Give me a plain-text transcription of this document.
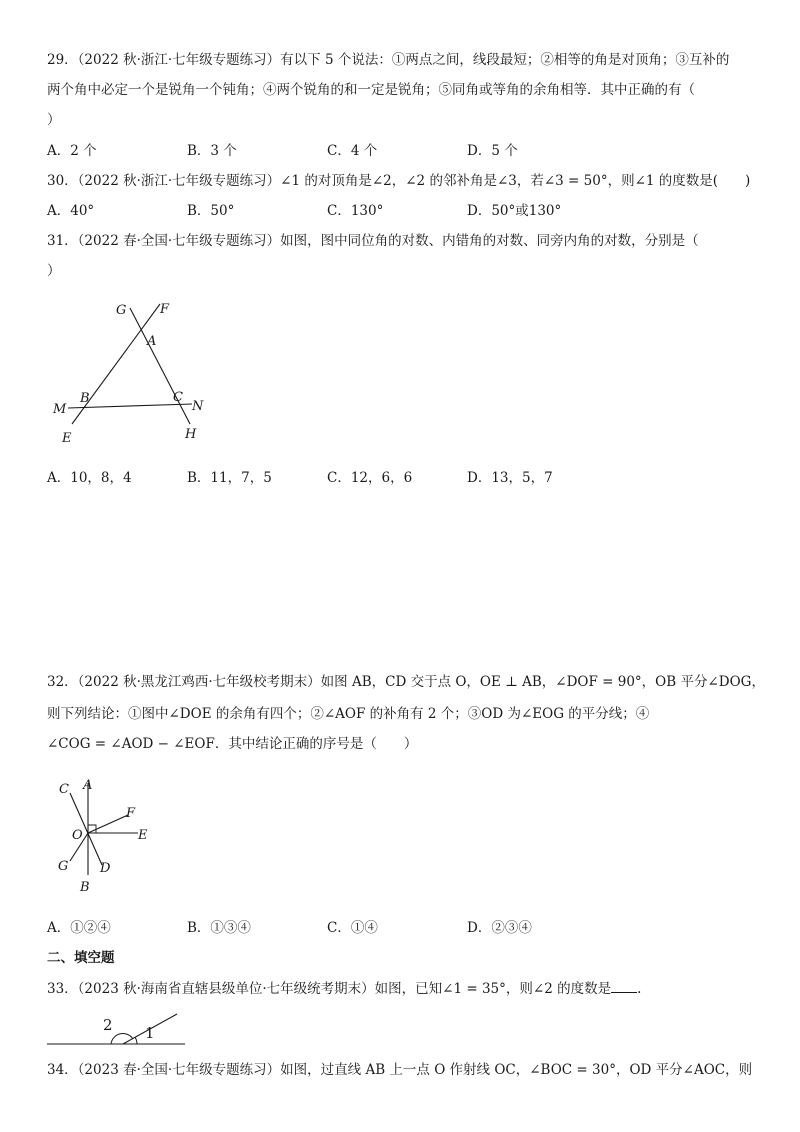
29．（2022 秋·浙江·七年级专题练习）有以下 5 个说法：①两点之间，线段最短；②相等的角是对顶角；③互补的
两个角中必定一个是锐角一个钝角；④两个锐角的和一定是锐角；⑤同角或等角的余角相等．其中正确的有（
）
A．2 个	B．3 个	C．4 个	D．5 个
30．（2022 秋·浙江·七年级专题练习）∠1 的对顶角是∠2，∠2 的邻补角是∠3，若∠3 = 50°，则∠1 的度数是(　　)
A．40°	B．50°	C．130°	D．50°或130°
31．（2022 春·全国·七年级专题练习）如图，图中同位角的对数、内错角的对数、同旁内角的对数，分别是（
）
G	F
A
B	C
M	N
E	H
A．10，8，4	B．11，7，5	C．12，6，6	D．13，5，7
32．（2022 秋·黑龙江鸡西·七年级校考期末）如图 AB，CD 交于点 O，OE ⊥ AB，∠DOF = 90°，OB 平分∠DOG，
则下列结论：①图中∠DOE 的余角有四个；②∠AOF 的补角有 2 个；③OD 为∠EOG 的平分线；④
∠COG = ∠AOD − ∠EOF．其中结论正确的序号是（　　）
C A
F
O	E
G D
B
A．①②④	B．①③④	C．①④	D．②③④
二、填空题
33．（2023 秋·海南省直辖县级单位·七年级统考期末）如图，已知∠1 = 35°，则∠2 的度数是 .
2 1
34．（2023 春·全国·七年级专题练习）如图，过直线 AB 上一点 O 作射线 OC，∠BOC = 30°，OD 平分∠AOC，则
